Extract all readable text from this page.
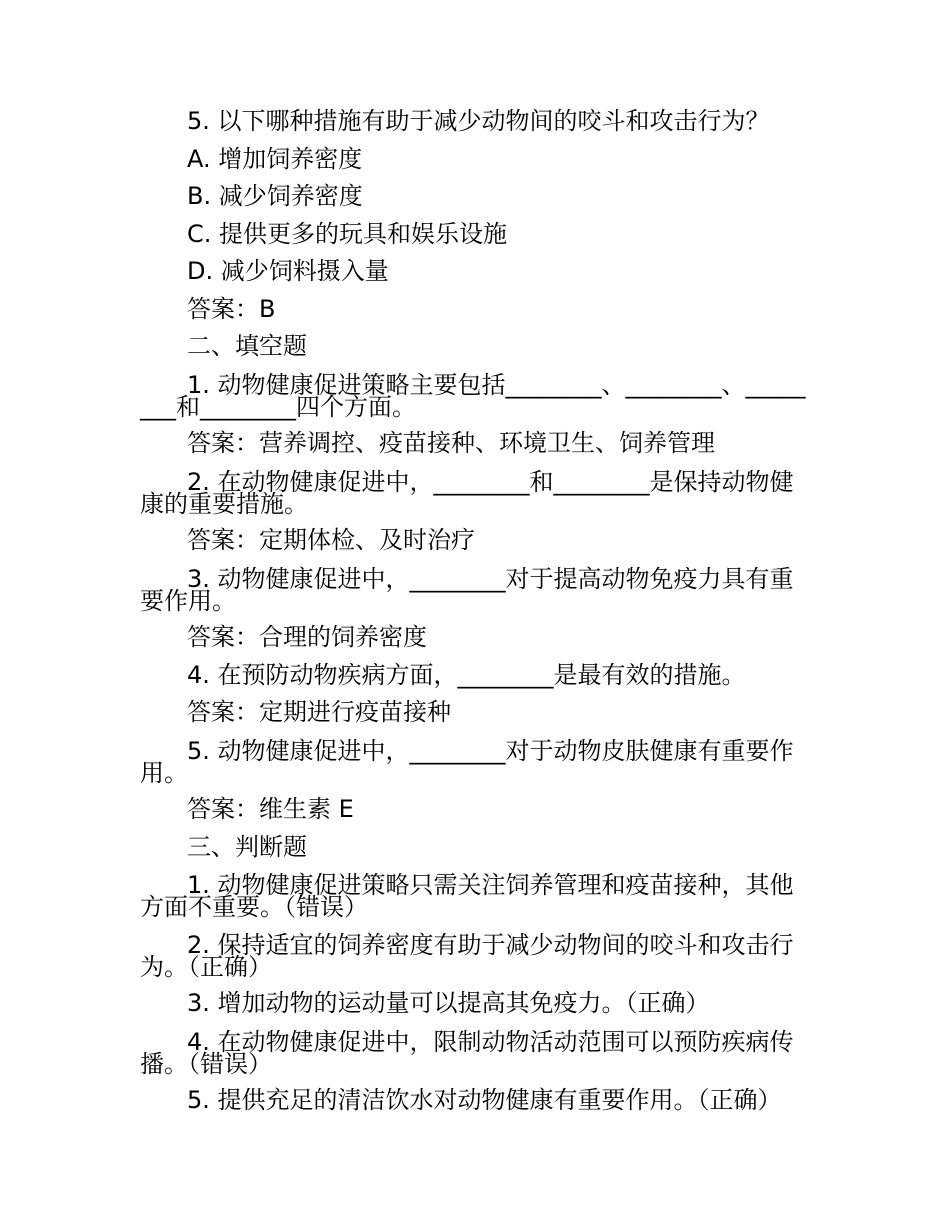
5. 以下哪种措施有助于减少动物间的咬斗和攻击行为？
A. 增加饲养密度
B. 减少饲养密度
C. 提供更多的玩具和娱乐设施
D. 减少饲料摄入量
答案：B
二、填空题
1. 动物健康促进策略主要包括________、________、________和________四个方面。
答案：营养调控、疫苗接种、环境卫生、饲养管理
2. 在动物健康促进中，________和________是保持动物健康的重要措施。
答案：定期体检、及时治疗
3. 动物健康促进中，________对于提高动物免疫力具有重要作用。
答案：合理的饲养密度
4. 在预防动物疾病方面，________是最有效的措施。
答案：定期进行疫苗接种
5. 动物健康促进中，________对于动物皮肤健康有重要作用。
答案：维生素 E
三、判断题
1. 动物健康促进策略只需关注饲养管理和疫苗接种，其他方面不重要。（错误）
2. 保持适宜的饲养密度有助于减少动物间的咬斗和攻击行为。（正确）
3. 增加动物的运动量可以提高其免疫力。（正确）
4. 在动物健康促进中，限制动物活动范围可以预防疾病传播。（错误）
5. 提供充足的清洁饮水对动物健康有重要作用。（正确）
